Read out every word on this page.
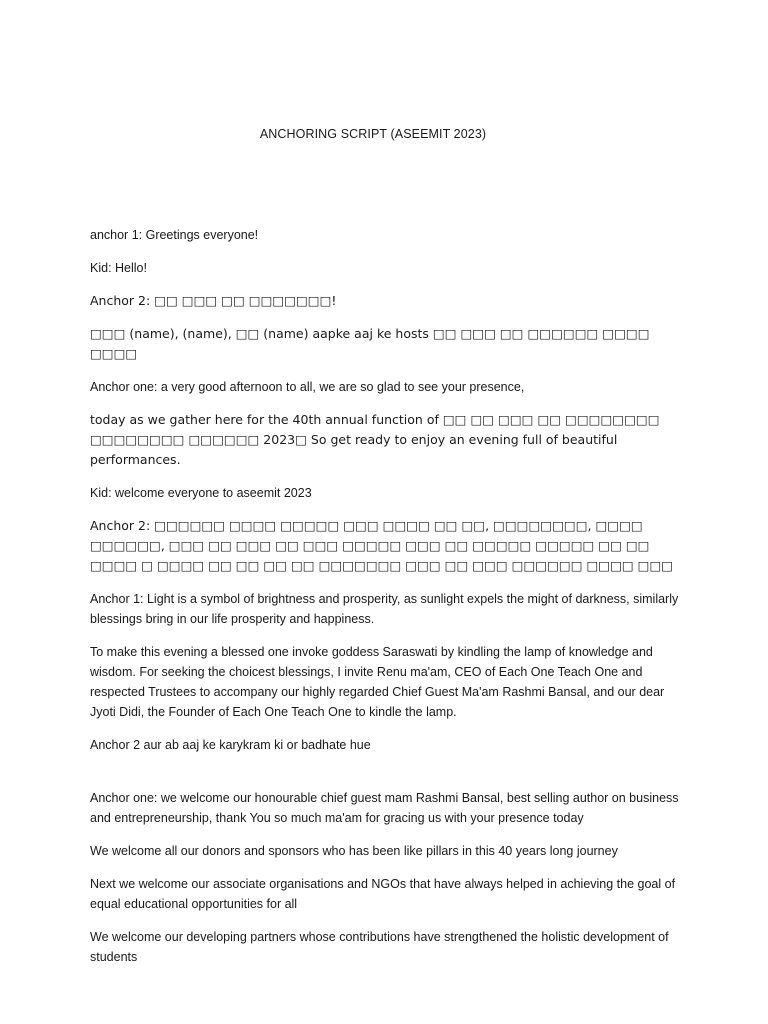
ANCHORING SCRIPT (ASEEMIT 2023)

anchor 1: Greetings everyone!

Kid: Hello!

Anchor 2: □□ □□□ □□ □□□□□□□!

□□□ (name), (name), □□ (name) aapke aaj ke hosts □□ □□□ □□ □□□□□□ □□□□ □□□□

Anchor one: a very good afternoon to all, we are so glad to see your presence,

today as we gather here for the 40th annual function of □□ □□ □□□ □□ □□□□□□□□ □□□□□□□□ □□□□□□ 2023□ So get ready to enjoy an evening full of beautiful performances.

Kid: welcome everyone to aseemit 2023

Anchor 2: □□□□□□ □□□□ □□□□□ □□□ □□□□ □□ □□, □□□□□□□□, □□□□ □□□□□□, □□□ □□ □□□ □□ □□□ □□□□□ □□□ □□ □□□□□ □□□□□ □□ □□ □□□□ □ □□□□ □□ □□ □□ □□ □□□□□□□ □□□ □□ □□□ □□□□□□ □□□□ □□□

Anchor 1: Light is a symbol of brightness and prosperity, as sunlight expels the might of darkness, similarly blessings bring in our life prosperity and happiness.

To make this evening a blessed one invoke goddess Saraswati by kindling the lamp of knowledge and wisdom. For seeking the choicest blessings, I invite Renu ma'am, CEO of Each One Teach One and respected Trustees to accompany our highly regarded Chief Guest Ma'am Rashmi Bansal, and our dear Jyoti Didi, the Founder of Each One Teach One to kindle the lamp.

Anchor 2 aur ab aaj ke karykram ki or badhate hue

Anchor one: we welcome our honourable chief guest mam Rashmi Bansal, best selling author on business and entrepreneurship, thank You so much ma'am for gracing us with your presence today

We welcome all our donors and sponsors who has been like pillars in this 40 years long journey

Next we welcome our associate organisations and NGOs that have always helped in achieving the goal of equal educational opportunities for all

We welcome our developing partners whose contributions have strengthened the holistic development of students
